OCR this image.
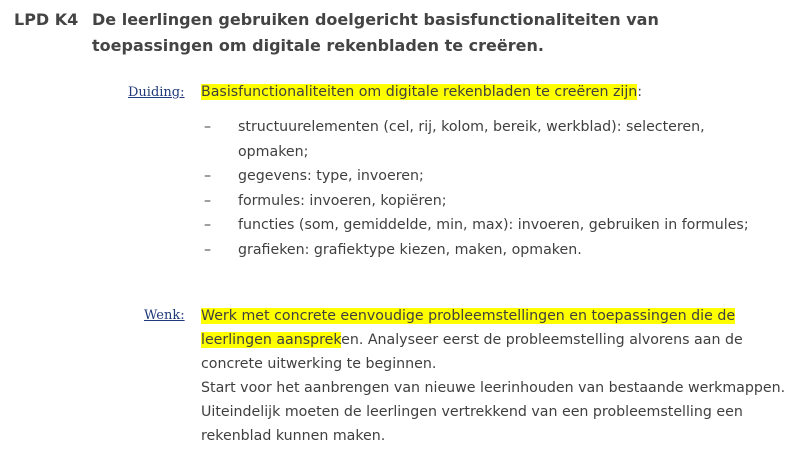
LPD K4 De leerlingen gebruiken doelgericht basisfunctionaliteiten van toepassingen om digitale rekenbladen te creëren.
Duiding: Basisfunctionaliteiten om digitale rekenbladen te creëren zijn:
– structuurelementen (cel, rij, kolom, bereik, werkblad): selecteren, opmaken;
– gegevens: type, invoeren;
– formules: invoeren, kopiëren;
– functies (som, gemiddelde, min, max): invoeren, gebruiken in formules;
– grafieken: grafiektype kiezen, maken, opmaken.
Wenk: Werk met concrete eenvoudige probleemstellingen en toepassingen die de leerlingen aanspreken. Analyseer eerst de probleemstelling alvorens aan de concrete uitwerking te beginnen.

Start voor het aanbrengen van nieuwe leerinhouden van bestaande werkmappen. Uiteindelijk moeten de leerlingen vertrekkend van een probleemstelling een rekenblad kunnen maken.
